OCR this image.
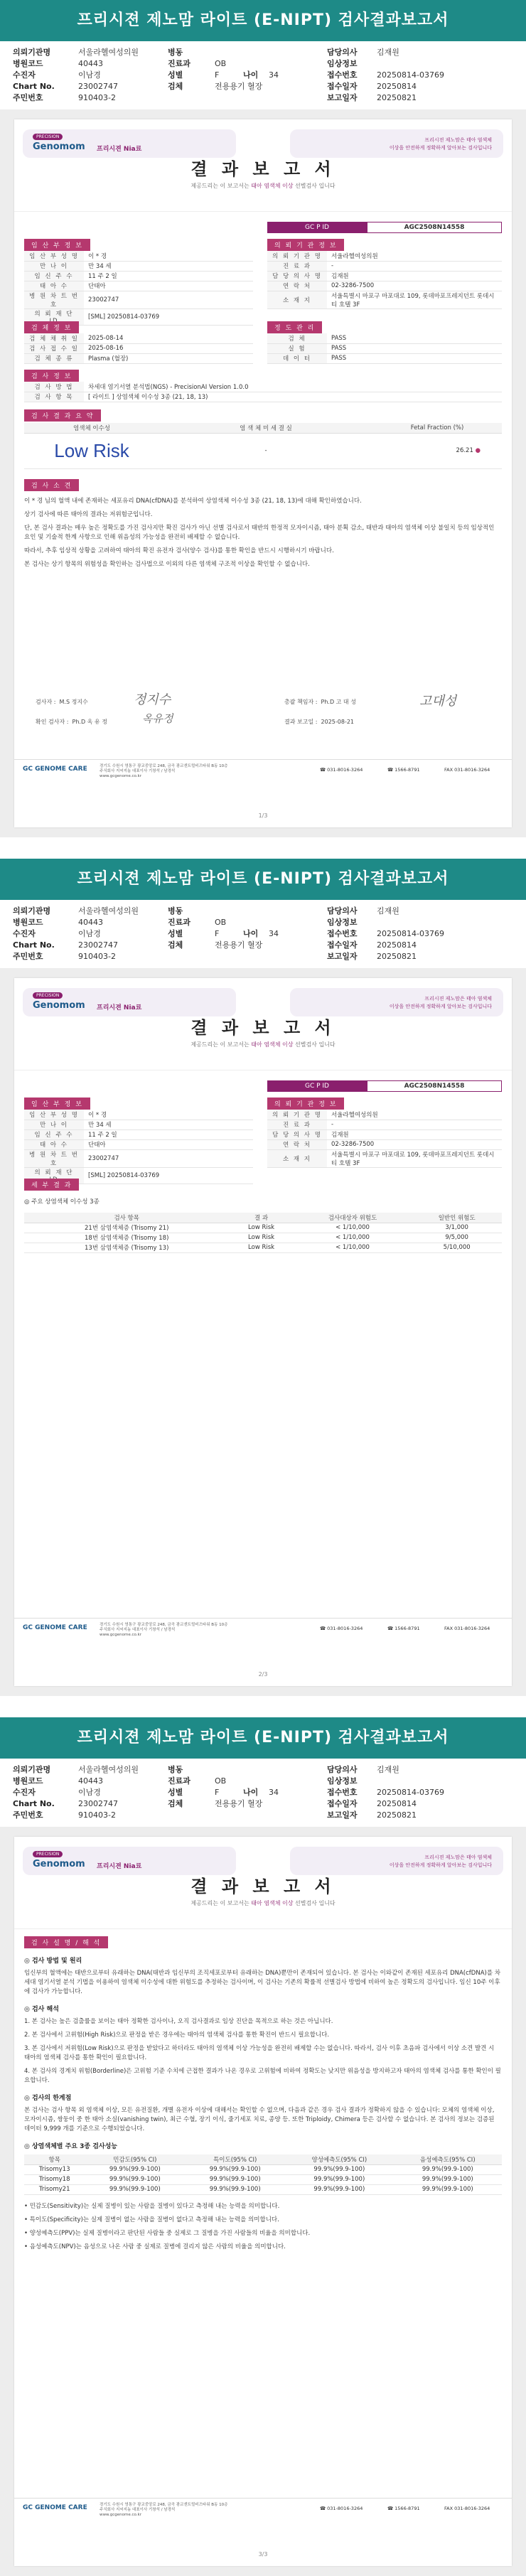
프리시젼 제노맘 라이트 (E-NIPT) 검사결과보고서
의뢰기관명	서울라헬여성의원
병원코드	40443
수진자	이남경
Chart No.	23002747
주민번호	910403-2
병동
진료과	OB
성별	F	나이 34
검체	전용용기 혈장
담당의사 김재원
임상정보
접수번호 20250814-03769
접수일자 20250814
보고일자 20250821
PRECISION
Genomom 프리시젼 Nia료
프리시젼 제노맘은 태아 염색체
이상을 안전하게 정확하게 알아보는 검사입니다
결 과 보 고 서
제공드리는 이 보고서는 태아 염색체 이상 선별검사 입니다
GC P ID	AGC2508N14558
임 산 부 정 보
임 산 부 성 명	이 * 경
만 나 이	만 34 세
임 신 주 수	11 주 2 일
태 아 수	단태아
병 원 차 트 번 호	23002747
의 뢰 재 단	[SML] 20250814-03769
의 뢰 기 관 정 보
의 뢰 기 관 명	서울라헬여성의원
진 료 과	-
담 당 의 사 명	김재원
연 락 처	02-3286-7500
소 재 지	서울특별시 마포구 마포대로 109, 롯데마포프레지던트 롯데시티 호텔 3F
검 체 정 보
검 체 채 취 일	2025-08-14
검 사 접 수 일	2025-08-16
검 체 종 류	Plasma (혈장)
정 도 관 리
검 체	PASS
실 험	PASS
데 이 터	PASS
검 사 정 보
검 사 방 법	차세대 염기서열 분석법(NGS) - PrecisionAI Version 1.0.0
검 사 항 목	[ 라이트 ] 상염색체 이수성 3종 (21, 18, 13)
검 사 결 과 요 약
염색체 이수성	염 색 체 미 세 결 실	Fetal Fraction (%)
Low Risk	-	26.21 ●
검 사 소 견
이 * 경 님의 혈액 내에 존재하는 세포유리 DNA(cfDNA)를 분석하여 상염색체 이수성 3종 (21, 18, 13)에 대해 확인하였습니다.
상기 검사에 따른 태아의 결과는 저위험군입니다.
단, 본 검사 결과는 매우 높은 정확도를 가진 검사지만 확진 검사가 아닌 선별 검사로서 태반의 한정적 모자이시즘, 태아 분획 감소, 태반과 태아의 염색체 이상 불일치 등의 임상적인 요인 및 기술적 한계 사항으로 인해 위음성의 가능성을 완전히 배제할 수 없습니다.
따라서, 추후 임상적 상황을 고려하여 태아의 확진 유전자 검사(양수 검사)를 통한 확인을 반드시 시행하시기 바랍니다.
본 검사는 상기 항목의 위험성을 확인하는 검사법으로 이외의 다른 염색체 구조적 이상을 확인할 수 없습니다.
검사자 : M.S 정지수	정지수
확인 검사자 : Ph.D 옥 유 정	옥유정
총괄 책임자 : Ph.D 고 대 성	고대성
결과 보고일 : 2025-08-21
GC GENOME CARE	경기도 수원시 영통구 광교중앙로 248, 금곡 광교센트럴비즈타워 B동 10층
주식회사 지씨지놈 대표이사 기창석 / 남경석
www.gcgenome.co.kr
☎ 031-8016-3264	☎ 1566-8791	FAX 031-8016-3264
1/3
프리시젼 제노맘 라이트 (E-NIPT) 검사결과보고서
의뢰기관명	서울라헬여성의원
병원코드	40443
수진자	이남경
Chart No.	23002747
주민번호	910403-2
병동
진료과	OB
성별	F	나이 34
검체	전용용기 혈장
담당의사 김재원
임상정보
접수번호 20250814-03769
접수일자 20250814
보고일자 20250821
PRECISION
Genomom 프리시젼 Nia료
프리시젼 제노맘은 태아 염색체
이상을 안전하게 정확하게 알아보는 검사입니다
결 과 보 고 서
제공드리는 이 보고서는 태아 염색체 이상 선별검사 입니다
GC P ID	AGC2508N14558
임 산 부 정 보
임 산 부 성 명	이 * 경
만 나 이	만 34 세
임 신 주 수	11 주 2 일
태 아 수	단태아
병 원 차 트 번 호	23002747
의 뢰 재 단	[SML] 20250814-03769
의 뢰 기 관 정 보
의 뢰 기 관 명	서울라헬여성의원
진 료 과	-
담 당 의 사 명	김재원
연 락 처	02-3286-7500
소 재 지	서울특별시 마포구 마포대로 109, 롯데마포프레지던트 롯데시티 호텔 3F
세 부 결 과
◎ 주요 상염색체 이수성 3종
검사 항목	결 과	검사대상자 위험도	일반인 위험도
21번 삼염색체증 (Trisomy 21)	Low Risk	< 1/10,000	3/1,000
18번 삼염색체증 (Trisomy 18)	Low Risk	< 1/10,000	9/5,000
13번 삼염색체증 (Trisomy 13)	Low Risk	< 1/10,000	5/10,000
GC GENOME CARE	경기도 수원시 영통구 광교중앙로 248, 금곡 광교센트럴비즈타워 B동 10층
주식회사 지씨지놈 대표이사 기창석 / 남경석
www.gcgenome.co.kr
☎ 031-8016-3264	☎ 1566-8791	FAX 031-8016-3264
2/3
프리시젼 제노맘 라이트 (E-NIPT) 검사결과보고서
의뢰기관명	서울라헬여성의원
병원코드	40443
수진자	이남경
Chart No.	23002747
주민번호	910403-2
병동
진료과	OB
성별	F	나이 34
검체	전용용기 혈장
담당의사 김재원
임상정보
접수번호 20250814-03769
접수일자 20250814
보고일자 20250821
PRECISION
Genomom 프리시젼 Nia료
프리시젼 제노맘은 태아 염색체
이상을 안전하게 정확하게 알아보는 검사입니다
결 과 보 고 서
제공드리는 이 보고서는 태아 염색체 이상 선별검사 입니다
검 사 설 명 / 해 석
◎ 검사 방법 및 원리
임신부의 혈액에는 태반으로부터 유래하는 DNA(태반과 임신부의 조직세포로부터 유래하는 DNA)뿐만이 존재되어 있습니다. 본 검사는 이와같이 존재된 세포유리 DNA(cfDNA)를 차세대 염기서열 분석 기법을 이용하여 염색체 이수성에 대한 위험도를 추정하는 검사이며, 이 검사는 기존의 확률적 선별검사 방법에 비하여 높은 정확도의 검사입니다. 임신 10주 이후에 검사가 가능합니다.
◎ 검사 해석
1. 본 검사는 높은 검출률을 보이는 태아 정확한 검사이나, 오직 검사결과로 임상 진단을 목적으로 하는 것은 아닙니다.
2. 본 검사에서 고위험(High Risk)으로 판정을 받은 경우에는 태아의 염색체 검사를 통한 확진이 반드시 필요합니다.
3. 본 검사에서 저위험(Low Risk)으로 판정을 받았다고 하더라도 태아의 염색체 이상 가능성을 완전히 배제할 수는 없습니다. 따라서, 검사 이후 초음파 검사에서 이상 소견 발견 시 태아의 염색체 검사를 통한 확인이 필요합니다.
4. 본 검사의 경계치 위험(Borderline)은 고위험 기준 수치에 근접한 결과가 나온 경우로 고위험에 비하여 정확도는 낮지만 위음성을 방지하고자 태아의 염색체 검사를 통한 확인이 필요합니다.
◎ 검사의 한계점
본 검사는 검사 항목 외 염색체 이상, 모든 유전질환, 개별 유전자 이상에 대해서는 확인할 수 없으며, 다음과 같은 경우 검사 결과가 정확하지 않을 수 있습니다: 모체의 염색체 이상, 모자이시즘, 쌍둥이 중 한 태아 소실(vanishing twin), 최근 수혈, 장기 이식, 줄기세포 치료, 종양 등. 또한 Triploidy, Chimera 등은 검사할 수 없습니다. 본 검사의 정보는 검증된 데이터 9,999 개를 기준으로 수행되었습니다.
◎ 상염색체별 주요 3종 검사성능
항목	민감도(95% CI)	특이도(95% CI)	양성예측도(95% CI)	음성예측도(95% CI)
Trisomy13	99.9%(99.9-100)	99.9%(99.9-100)	99.9%(99.9-100)	99.9%(99.9-100)
Trisomy18	99.9%(99.9-100)	99.9%(99.9-100)	99.9%(99.9-100)	99.9%(99.9-100)
Trisomy21	99.9%(99.9-100)	99.9%(99.9-100)	99.9%(99.9-100)	99.9%(99.9-100)
• 민감도(Sensitivity)는 실제 질병이 있는 사람을 질병이 있다고 측정해 내는 능력을 의미합니다.
• 특이도(Specificity)는 실제 질병이 없는 사람을 질병이 없다고 측정해 내는 능력을 의미합니다.
• 양성예측도(PPV)는 실제 질병이라고 판단된 사람들 중 실제로 그 질병을 가진 사람들의 비율을 의미합니다.
• 음성예측도(NPV)는 음성으로 나온 사람 중 실제로 질병에 걸리지 않은 사람의 비율을 의미합니다.
GC GENOME CARE	경기도 수원시 영통구 광교중앙로 248, 금곡 광교센트럴비즈타워 B동 10층
주식회사 지씨지놈 대표이사 기창석 / 남경석
www.gcgenome.co.kr
☎ 031-8016-3264	☎ 1566-8791	FAX 031-8016-3264
3/3
